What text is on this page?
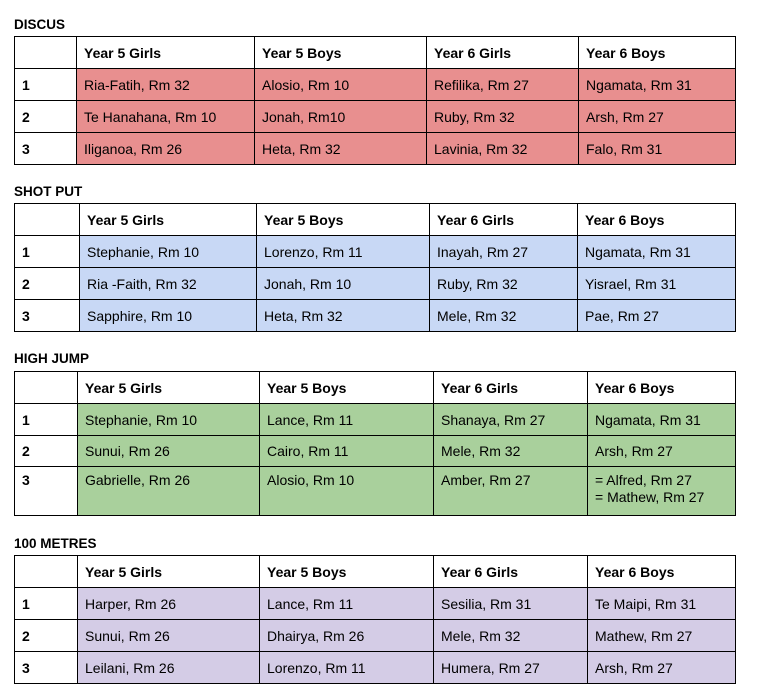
DISCUS
	Year 5 Girls	Year 5 Boys	Year 6 Girls	Year 6 Boys
1	Ria-Fatih, Rm 32	Alosio, Rm 10	Refilika, Rm 27	Ngamata, Rm 31
2	Te Hanahana, Rm 10	Jonah, Rm10	Ruby, Rm 32	Arsh, Rm 27
3	Iliganoa, Rm 26	Heta, Rm 32	Lavinia, Rm 32	Falo, Rm 31
SHOT PUT
	Year 5 Girls	Year 5 Boys	Year 6 Girls	Year 6 Boys
1	Stephanie, Rm 10	Lorenzo, Rm 11	Inayah, Rm 27	Ngamata, Rm 31
2	Ria -Faith, Rm 32	Jonah, Rm 10	Ruby, Rm 32	Yisrael, Rm 31
3	Sapphire, Rm 10	Heta, Rm 32	Mele, Rm 32	Pae, Rm 27
HIGH JUMP
	Year 5 Girls	Year 5 Boys	Year 6 Girls	Year 6 Boys
1	Stephanie, Rm 10	Lance, Rm 11	Shanaya, Rm 27	Ngamata, Rm 31
2	Sunui, Rm 26	Cairo, Rm 11	Mele, Rm 32	Arsh, Rm 27
3	Gabrielle, Rm 26	Alosio, Rm 10	Amber, Rm 27	= Alfred, Rm 27
= Mathew, Rm 27
100 METRES
	Year 5 Girls	Year 5 Boys	Year 6 Girls	Year 6 Boys
1	Harper, Rm 26	Lance, Rm 11	Sesilia, Rm 31	Te Maipi, Rm 31
2	Sunui, Rm 26	Dhairya, Rm 26	Mele, Rm 32	Mathew, Rm 27
3	Leilani, Rm 26	Lorenzo, Rm 11	Humera, Rm 27	Arsh, Rm 27
